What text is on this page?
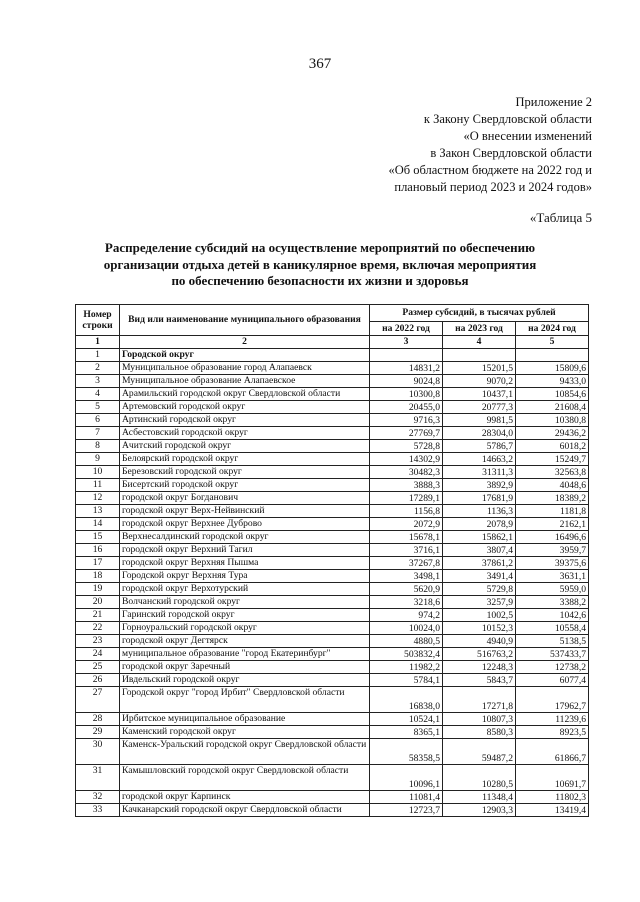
367
Приложение 2
к Закону Свердловской области
«О внесении изменений
в Закон Свердловской области
«Об областном бюджете на 2022 год и
плановый период 2023 и 2024 годов»
«Таблица 5
Распределение субсидий на осуществление мероприятий по обеспечению
организации отдыха детей в каникулярное время, включая мероприятия
по обеспечению безопасности их жизни и здоровья
Номер строки	Вид или наименование муниципального образования	Размер субсидий, в тысячах рублей		
		на 2022 год	на 2023 год	на 2024 год
1	2	3	4	5
1	Городской округ			
2	Муниципальное образование город Алапаевск	14831,2	15201,5	15809,6
3	Муниципальное образование Алапаевское	9024,8	9070,2	9433,0
4	Арамильский городской округ Свердловской области	10300,8	10437,1	10854,6
5	Артемовский городской округ	20455,0	20777,3	21608,4
6	Артинский городской округ	9716,3	9981,5	10380,8
7	Асбестовский городской округ	27769,7	28304,0	29436,2
8	Ачитский городской округ	5728,8	5786,7	6018,2
9	Белоярский городской округ	14302,9	14663,2	15249,7
10	Березовский городской округ	30482,3	31311,3	32563,8
11	Бисертский городской округ	3888,3	3892,9	4048,6
12	городской округ Богданович	17289,1	17681,9	18389,2
13	городской округ Верх-Нейвинский	1156,8	1136,3	1181,8
14	городской округ Верхнее Дуброво	2072,9	2078,9	2162,1
15	Верхнесалдинский городской округ	15678,1	15862,1	16496,6
16	городской округ Верхний Тагил	3716,1	3807,4	3959,7
17	городской округ Верхняя Пышма	37267,8	37861,2	39375,6
18	Городской округ Верхняя Тура	3498,1	3491,4	3631,1
19	городской округ Верхотурский	5620,9	5729,8	5959,0
20	Волчанский городской округ	3218,6	3257,9	3388,2
21	Гаринский городской округ	974,2	1002,5	1042,6
22	Горноуральский городской округ	10024,0	10152,3	10558,4
23	городской округ Дегтярск	4880,5	4940,9	5138,5
24	муниципальное образование "город Екатеринбург"	503832,4	516763,2	537433,7
25	городской округ Заречный	11982,2	12248,3	12738,2
26	Ивдельский городской округ	5784,1	5843,7	6077,4
27	Городской округ "город Ирбит" Свердловской области	16838,0	17271,8	17962,7
28	Ирбитское муниципальное образование	10524,1	10807,3	11239,6
29	Каменский городской округ	8365,1	8580,3	8923,5
30	Каменск-Уральский городской округ Свердловской области	58358,5	59487,2	61866,7
31	Камышловский городской округ Свердловской области	10096,1	10280,5	10691,7
32	городской округ Карпинск	11081,4	11348,4	11802,3
33	Качканарский городской округ Свердловской области	12723,7	12903,3	13419,4
